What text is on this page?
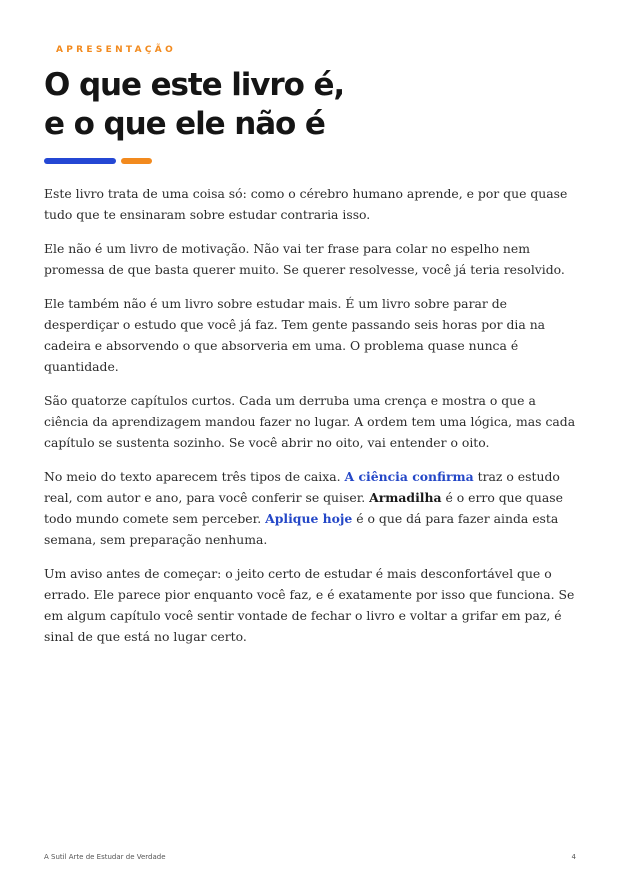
APRESENTAÇÃO
O que este livro é,
e o que ele não é

Este livro trata de uma coisa só: como o cérebro humano aprende, e por que quase tudo que te ensinaram sobre estudar contraria isso.

Ele não é um livro de motivação. Não vai ter frase para colar no espelho nem promessa de que basta querer muito. Se querer resolvesse, você já teria resolvido.

Ele também não é um livro sobre estudar mais. É um livro sobre parar de desperdiçar o estudo que você já faz. Tem gente passando seis horas por dia na cadeira e absorvendo o que absorveria em uma. O problema quase nunca é quantidade.

São quatorze capítulos curtos. Cada um derruba uma crença e mostra o que a ciência da aprendizagem mandou fazer no lugar. A ordem tem uma lógica, mas cada capítulo se sustenta sozinho. Se você abrir no oito, vai entender o oito.

No meio do texto aparecem três tipos de caixa. A ciência confirma traz o estudo real, com autor e ano, para você conferir se quiser. Armadilha é o erro que quase todo mundo comete sem perceber. Aplique hoje é o que dá para fazer ainda esta semana, sem preparação nenhuma.

Um aviso antes de começar: o jeito certo de estudar é mais desconfortável que o errado. Ele parece pior enquanto você faz, e é exatamente por isso que funciona. Se em algum capítulo você sentir vontade de fechar o livro e voltar a grifar em paz, é sinal de que está no lugar certo.

A Sutil Arte de Estudar de Verdade	4
